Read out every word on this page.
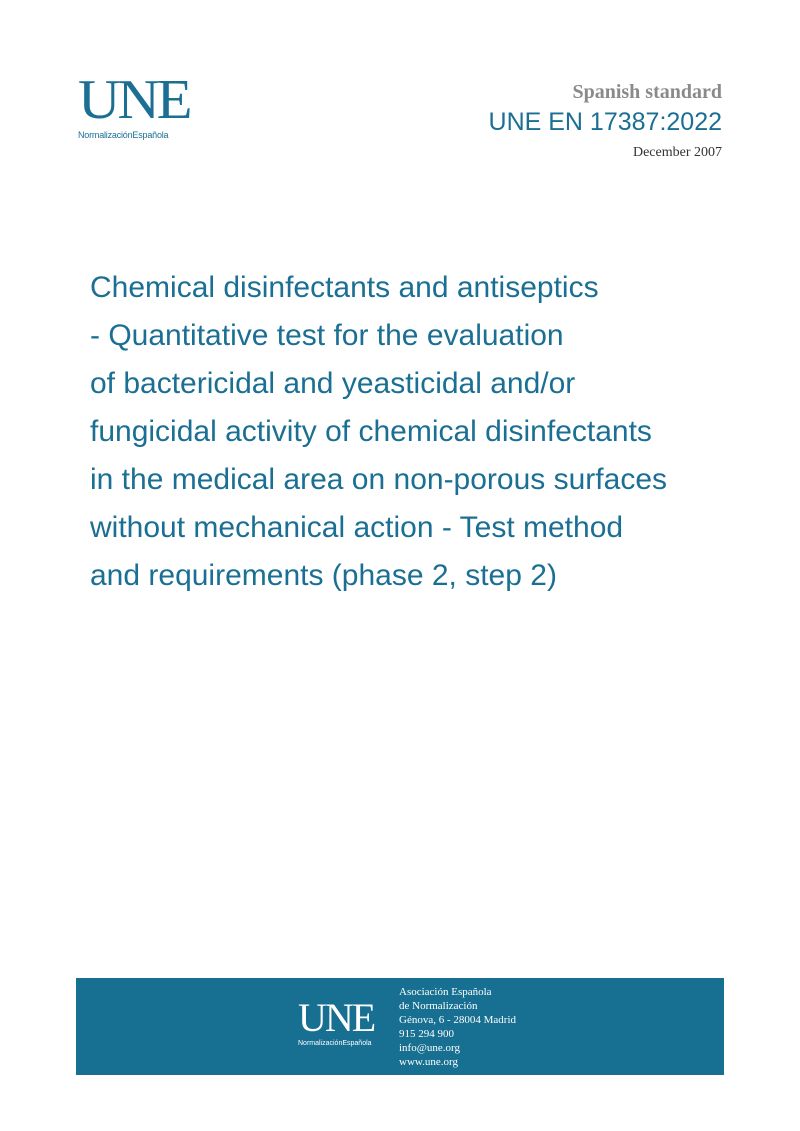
UNE
NormalizaciónEspañola
Spanish standard
UNE EN 17387:2022
December 2007
Chemical disinfectants and antiseptics
- Quantitative test for the evaluation
of bactericidal and yeasticidal and/or
fungicidal activity of chemical disinfectants
in the medical area on non-porous surfaces
without mechanical action - Test method
and requirements (phase 2, step 2)
UNE
NormalizaciónEspañola
Asociación Española
de Normalización
Génova, 6 - 28004 Madrid
915 294 900
info@une.org
www.une.org
